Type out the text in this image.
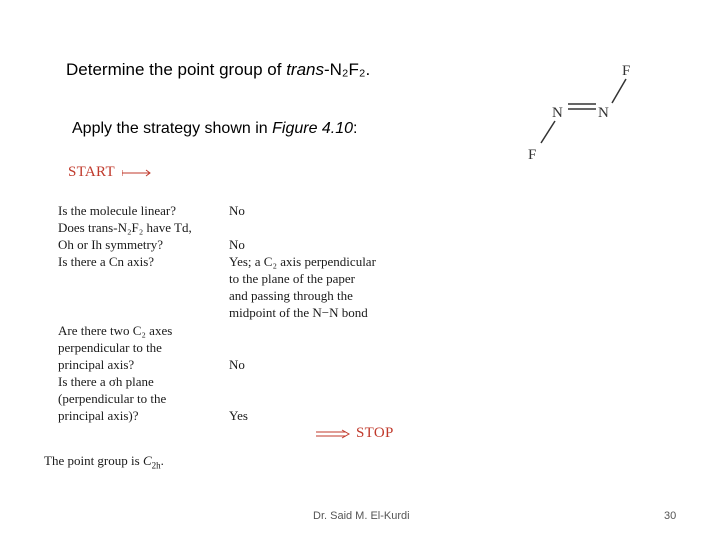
Determine the point group of trans-N₂F₂.
Apply the strategy shown in Figure 4.10:
F
N
N
F
START
Is the molecule linear?	No
Does trans-N₂F₂ have Td,
Oh or Ih symmetry?	No
Is there a Cn axis?	Yes; a C₂ axis perpendicular
to the plane of the paper
and passing through the
midpoint of the N−N bond
Are there two C₂ axes
perpendicular to the
principal axis?	No
Is there a σh plane
(perpendicular to the
principal axis)?	Yes
STOP
The point group is $C_{2h}$.
Dr. Said M. El-Kurdi	30
